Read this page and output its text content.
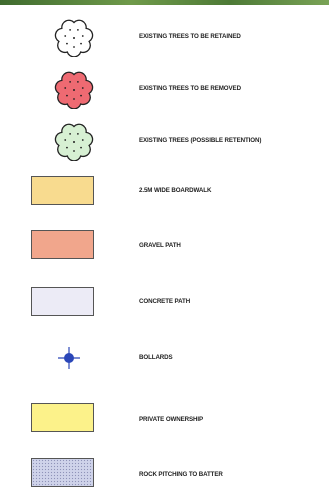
EXISTING TREES TO BE RETAINED
EXISTING TREES TO BE REMOVED
EXISTING TREES (POSSIBLE RETENTION)
2.5M WIDE BOARDWALK
GRAVEL PATH
CONCRETE PATH
BOLLARDS
PRIVATE OWNERSHIP
ROCK PITCHING TO BATTER
